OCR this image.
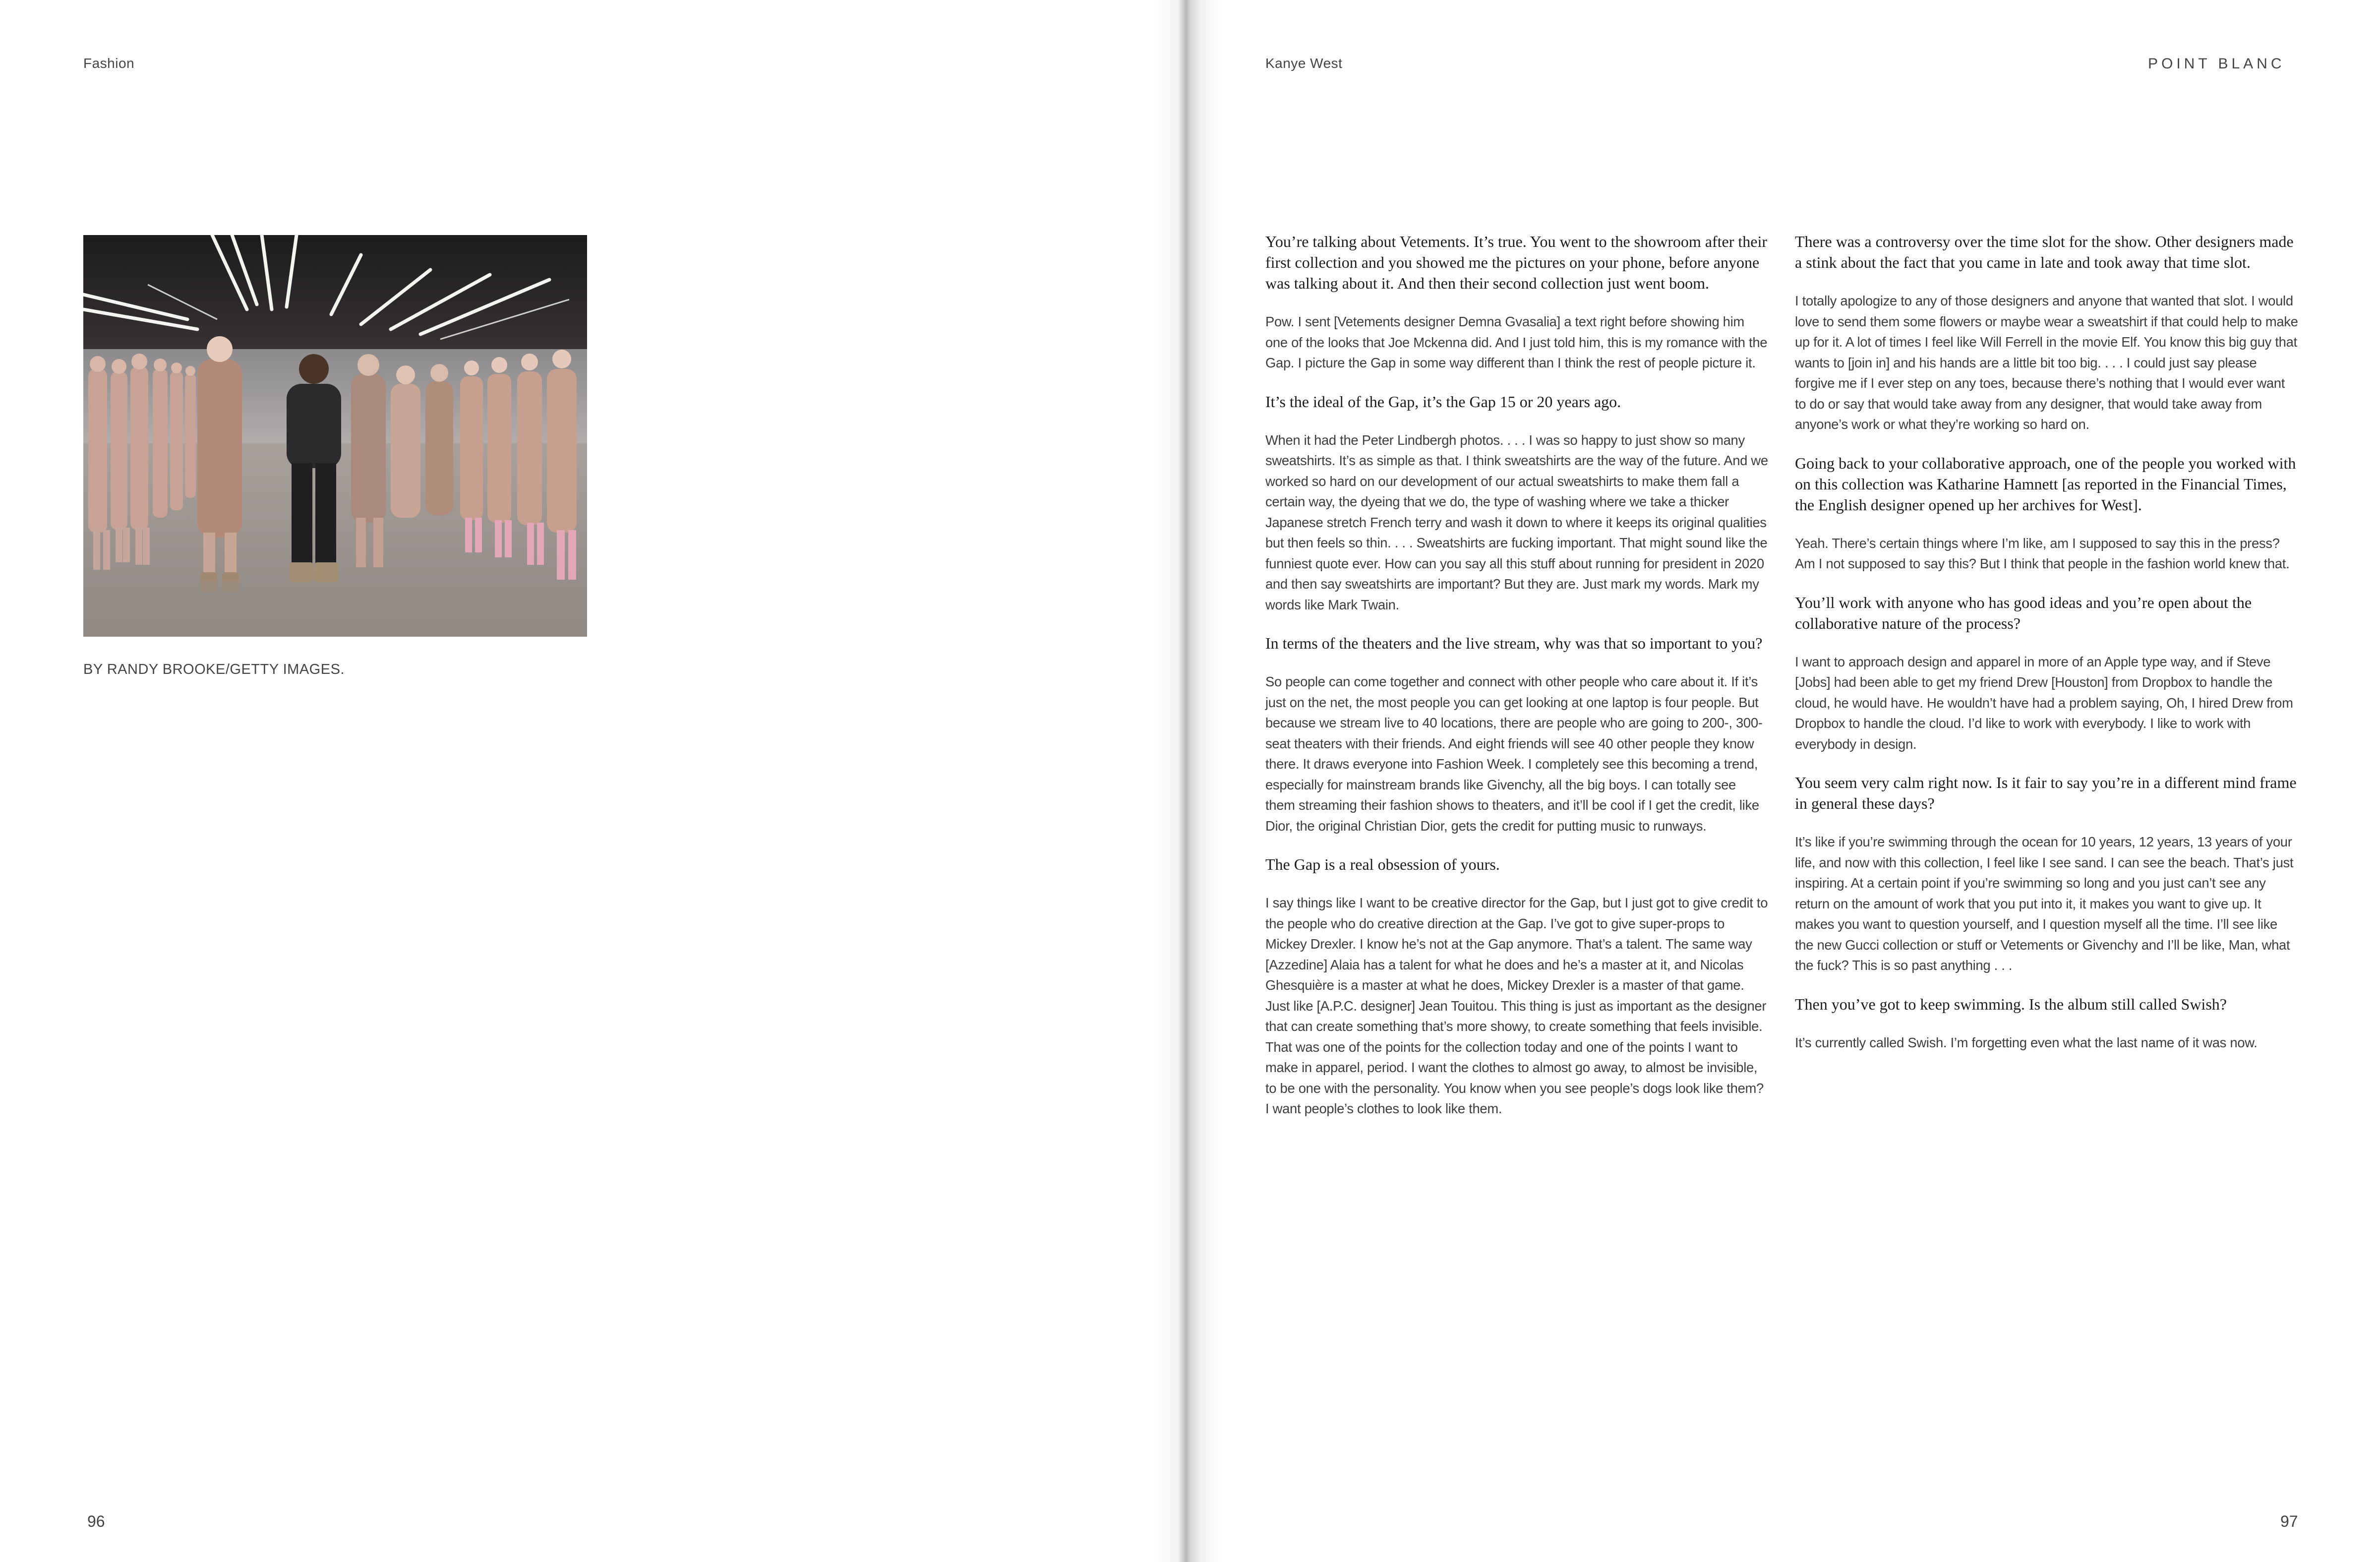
Fashion
BY RANDY BROOKE/GETTY IMAGES.
96
Kanye West	POINT BLANC
97

You’re talking about Vetements. It’s true. You went to the showroom after their first collection and you showed me the pictures on your phone, before anyone was talking about it. And then their second collection just went boom.

Pow. I sent [Vetements designer Demna Gvasalia] a text right before showing him one of the looks that Joe Mckenna did. And I just told him, this is my romance with the Gap. I picture the Gap in some way different than I think the rest of people picture it.

It’s the ideal of the Gap, it’s the Gap 15 or 20 years ago.

When it had the Peter Lindbergh photos. . . . I was so happy to just show so many sweatshirts. It’s as simple as that. I think sweatshirts are the way of the future. And we worked so hard on our development of our actual sweatshirts to make them fall a certain way, the dyeing that we do, the type of washing where we take a thicker Japanese stretch French terry and wash it down to where it keeps its original qualities but then feels so thin. . . . Sweatshirts are fucking important. That might sound like the funniest quote ever. How can you say all this stuff about running for president in 2020 and then say sweatshirts are important? But they are. Just mark my words. Mark my words like Mark Twain.

In terms of the theaters and the live stream, why was that so important to you?

So people can come together and connect with other people who care about it. If it’s just on the net, the most people you can get looking at one laptop is four people. But because we stream live to 40 locations, there are people who are going to 200-, 300-seat theaters with their friends. And eight friends will see 40 other people they know there. It draws everyone into Fashion Week. I completely see this becoming a trend, especially for mainstream brands like Givenchy, all the big boys. I can totally see them streaming their fashion shows to theaters, and it’ll be cool if I get the credit, like Dior, the original Christian Dior, gets the credit for putting music to runways.

The Gap is a real obsession of yours.

I say things like I want to be creative director for the Gap, but I just got to give credit to the people who do creative direction at the Gap. I’ve got to give super-props to Mickey Drexler. I know he’s not at the Gap anymore. That’s a talent. The same way [Azzedine] Alaia has a talent for what he does and he’s a master at it, and Nicolas Ghesquière is a master at what he does, Mickey Drexler is a master of that game. Just like [A.P.C. designer] Jean Touitou. This thing is just as important as the designer that can create something that’s more showy, to create something that feels invisible. That was one of the points for the collection today and one of the points I want to make in apparel, period. I want the clothes to almost go away, to almost be invisible, to be one with the personality. You know when you see people’s dogs look like them? I want people’s clothes to look like them.

There was a controversy over the time slot for the show. Other designers made a stink about the fact that you came in late and took away that time slot.

I totally apologize to any of those designers and anyone that wanted that slot. I would love to send them some flowers or maybe wear a sweatshirt if that could help to make up for it. A lot of times I feel like Will Ferrell in the movie Elf. You know this big guy that wants to [join in] and his hands are a little bit too big. . . . I could just say please forgive me if I ever step on any toes, because there’s nothing that I would ever want to do or say that would take away from any designer, that would take away from anyone’s work or what they’re working so hard on.

Going back to your collaborative approach, one of the people you worked with on this collection was Katharine Hamnett [as reported in the Financial Times, the English designer opened up her archives for West].

Yeah. There’s certain things where I’m like, am I supposed to say this in the press? Am I not supposed to say this? But I think that people in the fashion world knew that.

You’ll work with anyone who has good ideas and you’re open about the collaborative nature of the process?

I want to approach design and apparel in more of an Apple type way, and if Steve [Jobs] had been able to get my friend Drew [Houston] from Dropbox to handle the cloud, he would have. He wouldn’t have had a problem saying, Oh, I hired Drew from Dropbox to handle the cloud. I’d like to work with everybody. I like to work with everybody in design.

You seem very calm right now. Is it fair to say you’re in a different mind frame in general these days?

It’s like if you’re swimming through the ocean for 10 years, 12 years, 13 years of your life, and now with this collection, I feel like I see sand. I can see the beach. That’s just inspiring. At a certain point if you’re swimming so long and you just can’t see any return on the amount of work that you put into it, it makes you want to give up. It makes you want to question yourself, and I question myself all the time. I’ll see like the new Gucci collection or stuff or Vetements or Givenchy and I’ll be like, Man, what the fuck? This is so past anything . . .

Then you’ve got to keep swimming. Is the album still called Swish?

It’s currently called Swish. I’m forgetting even what the last name of it was now.
